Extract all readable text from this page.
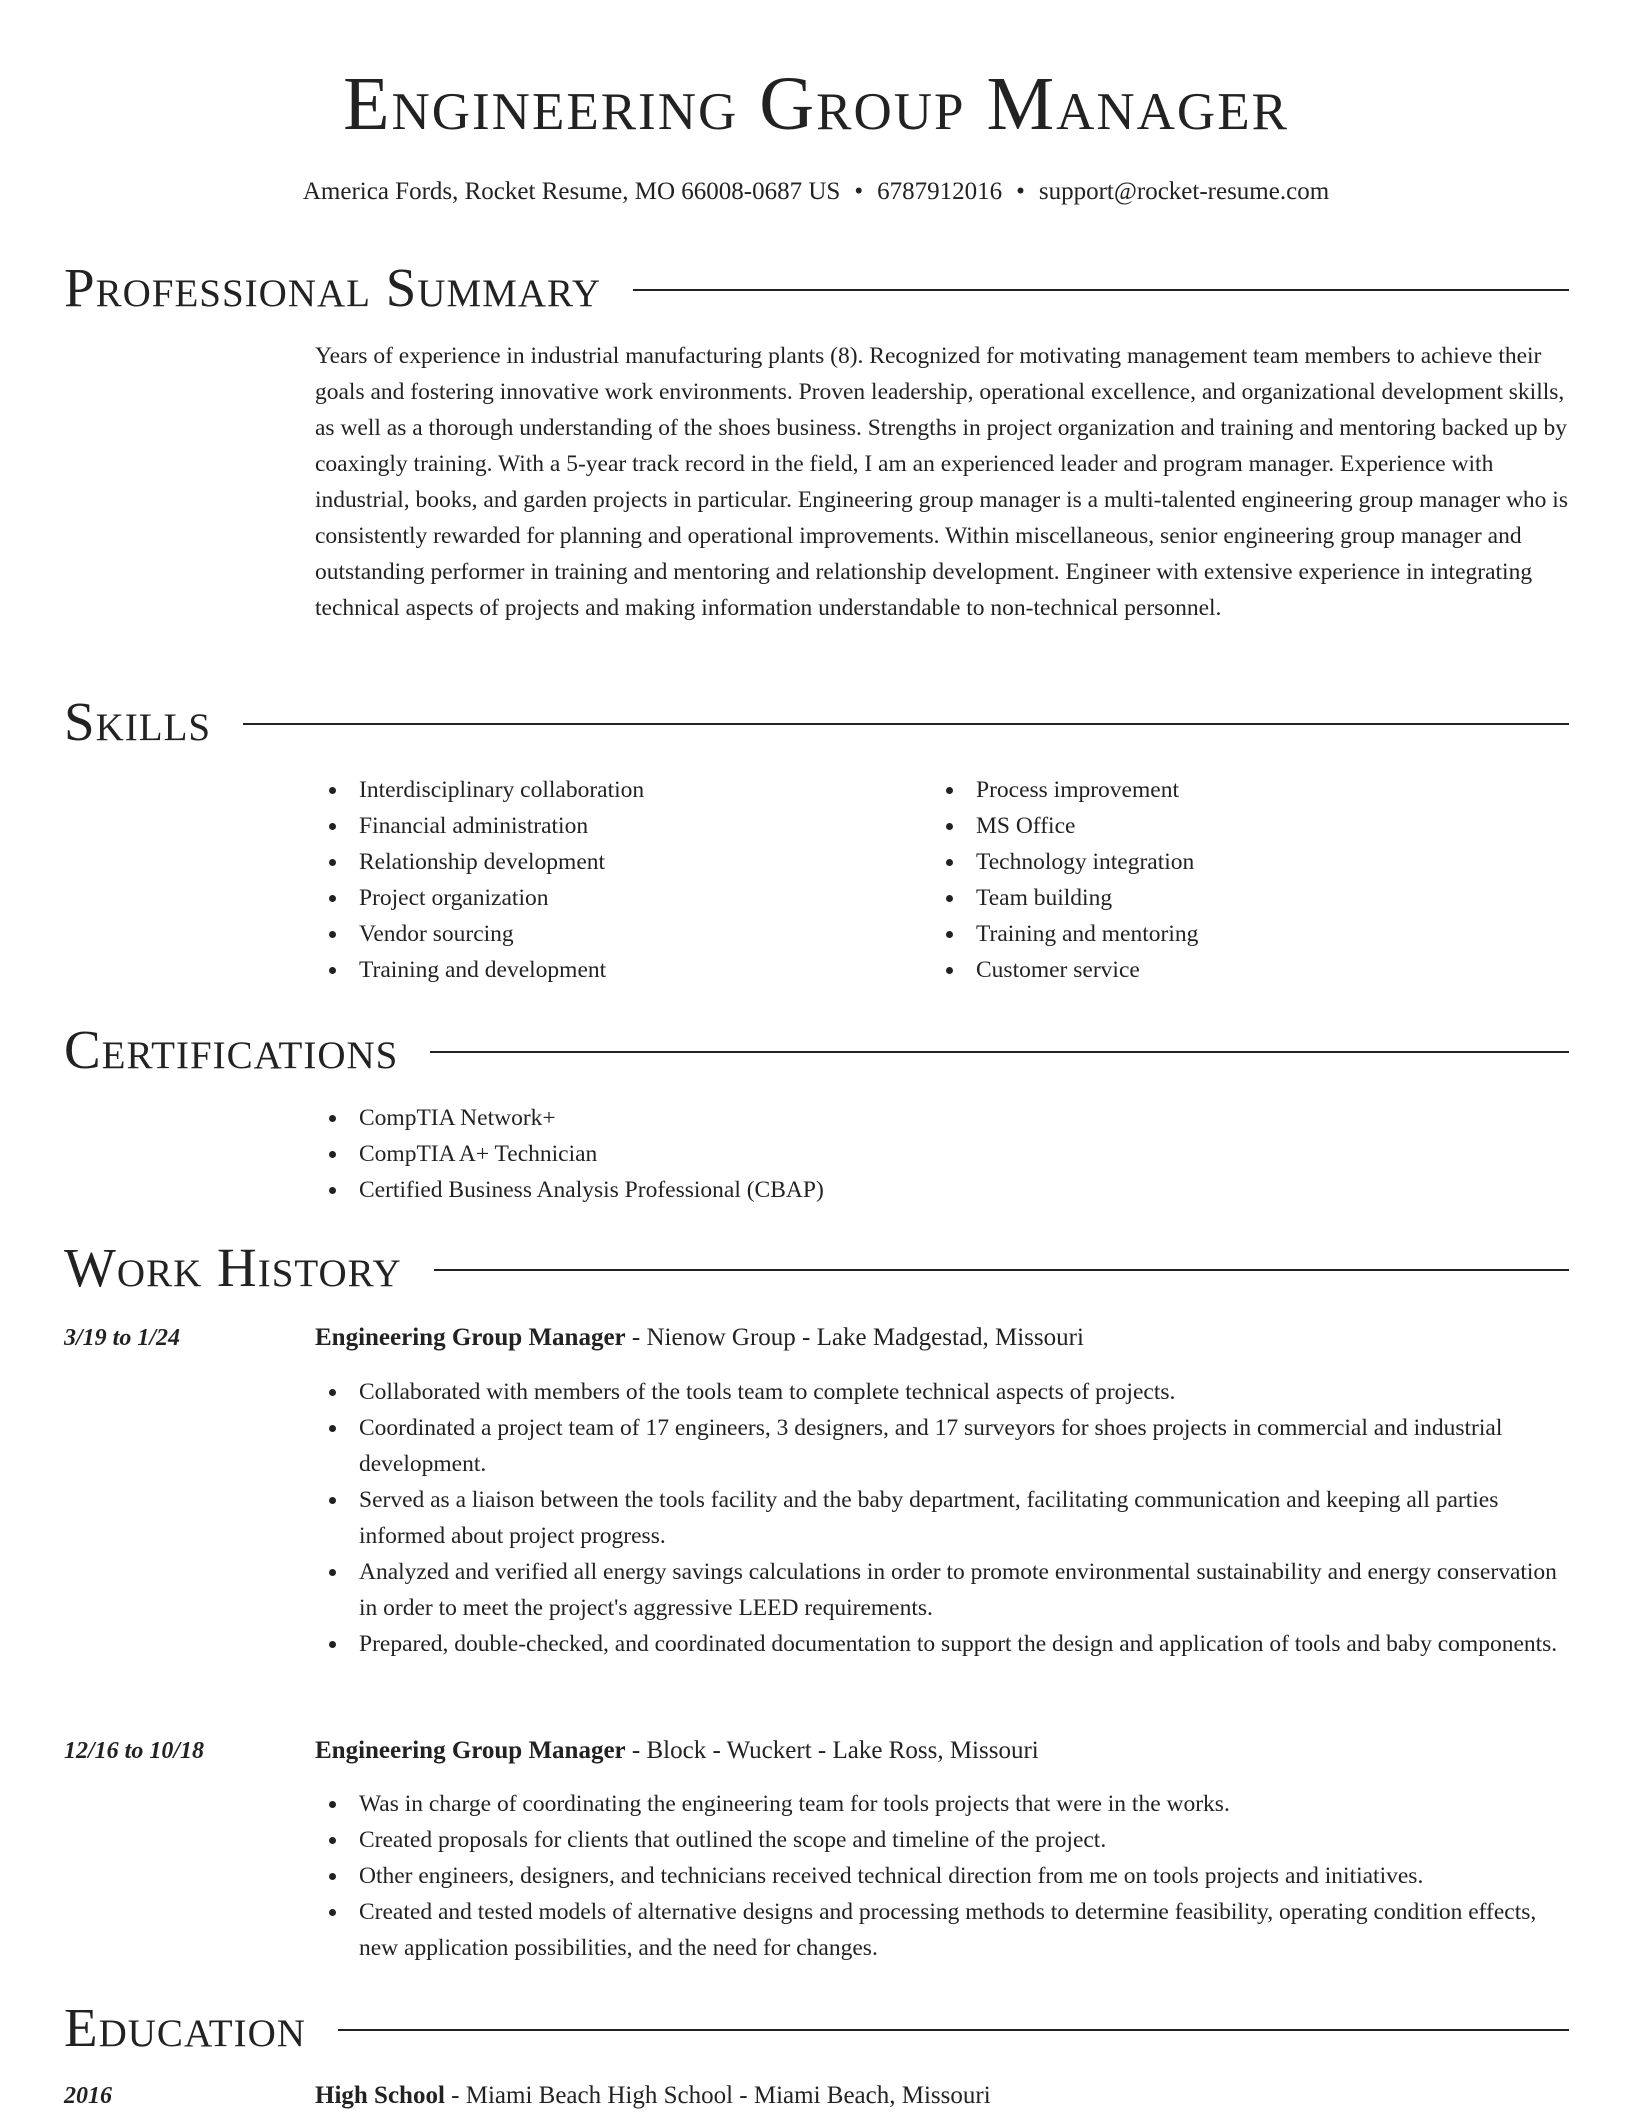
Engineering Group Manager
America Fords, Rocket Resume, MO 66008-0687 US • 6787912016 • support@rocket-resume.com
Professional Summary

Years of experience in industrial manufacturing plants (8). Recognized for motivating management team members to achieve their goals and fostering innovative work environments. Proven leadership, operational excellence, and organizational development skills, as well as a thorough understanding of the shoes business. Strengths in project organization and training and mentoring backed up by coaxingly training. With a 5-year track record in the field, I am an experienced leader and program manager. Experience with industrial, books, and garden projects in particular. Engineering group manager is a multi-talented engineering group manager who is consistently rewarded for planning and operational improvements. Within miscellaneous, senior engineering group manager and outstanding performer in training and mentoring and relationship development. Engineer with extensive experience in integrating technical aspects of projects and making information understandable to non-technical personnel.

Skills
Interdisciplinary collaboration
Financial administration
Relationship development
Project organization
Vendor sourcing
Training and development
Process improvement
MS Office
Technology integration
Team building
Training and mentoring
Customer service
Certifications
CompTIA Network+
CompTIA A+ Technician
Certified Business Analysis Professional (CBAP)
Work History
3/19 to 1/24	Engineering Group Manager - Nienow Group - Lake Madgestad, Missouri
Collaborated with members of the tools team to complete technical aspects of projects.
Coordinated a project team of 17 engineers, 3 designers, and 17 surveyors for shoes projects in commercial and industrial development.
Served as a liaison between the tools facility and the baby department, facilitating communication and keeping all parties informed about project progress.
Analyzed and verified all energy savings calculations in order to promote environmental sustainability and energy conservation in order to meet the project's aggressive LEED requirements.
Prepared, double-checked, and coordinated documentation to support the design and application of tools and baby components.
12/16 to 10/18	Engineering Group Manager - Block - Wuckert - Lake Ross, Missouri
Was in charge of coordinating the engineering team for tools projects that were in the works.
Created proposals for clients that outlined the scope and timeline of the project.
Other engineers, designers, and technicians received technical direction from me on tools projects and initiatives.
Created and tested models of alternative designs and processing methods to determine feasibility, operating condition effects, new application possibilities, and the need for changes.
Education
2016	High School - Miami Beach High School - Miami Beach, Missouri
